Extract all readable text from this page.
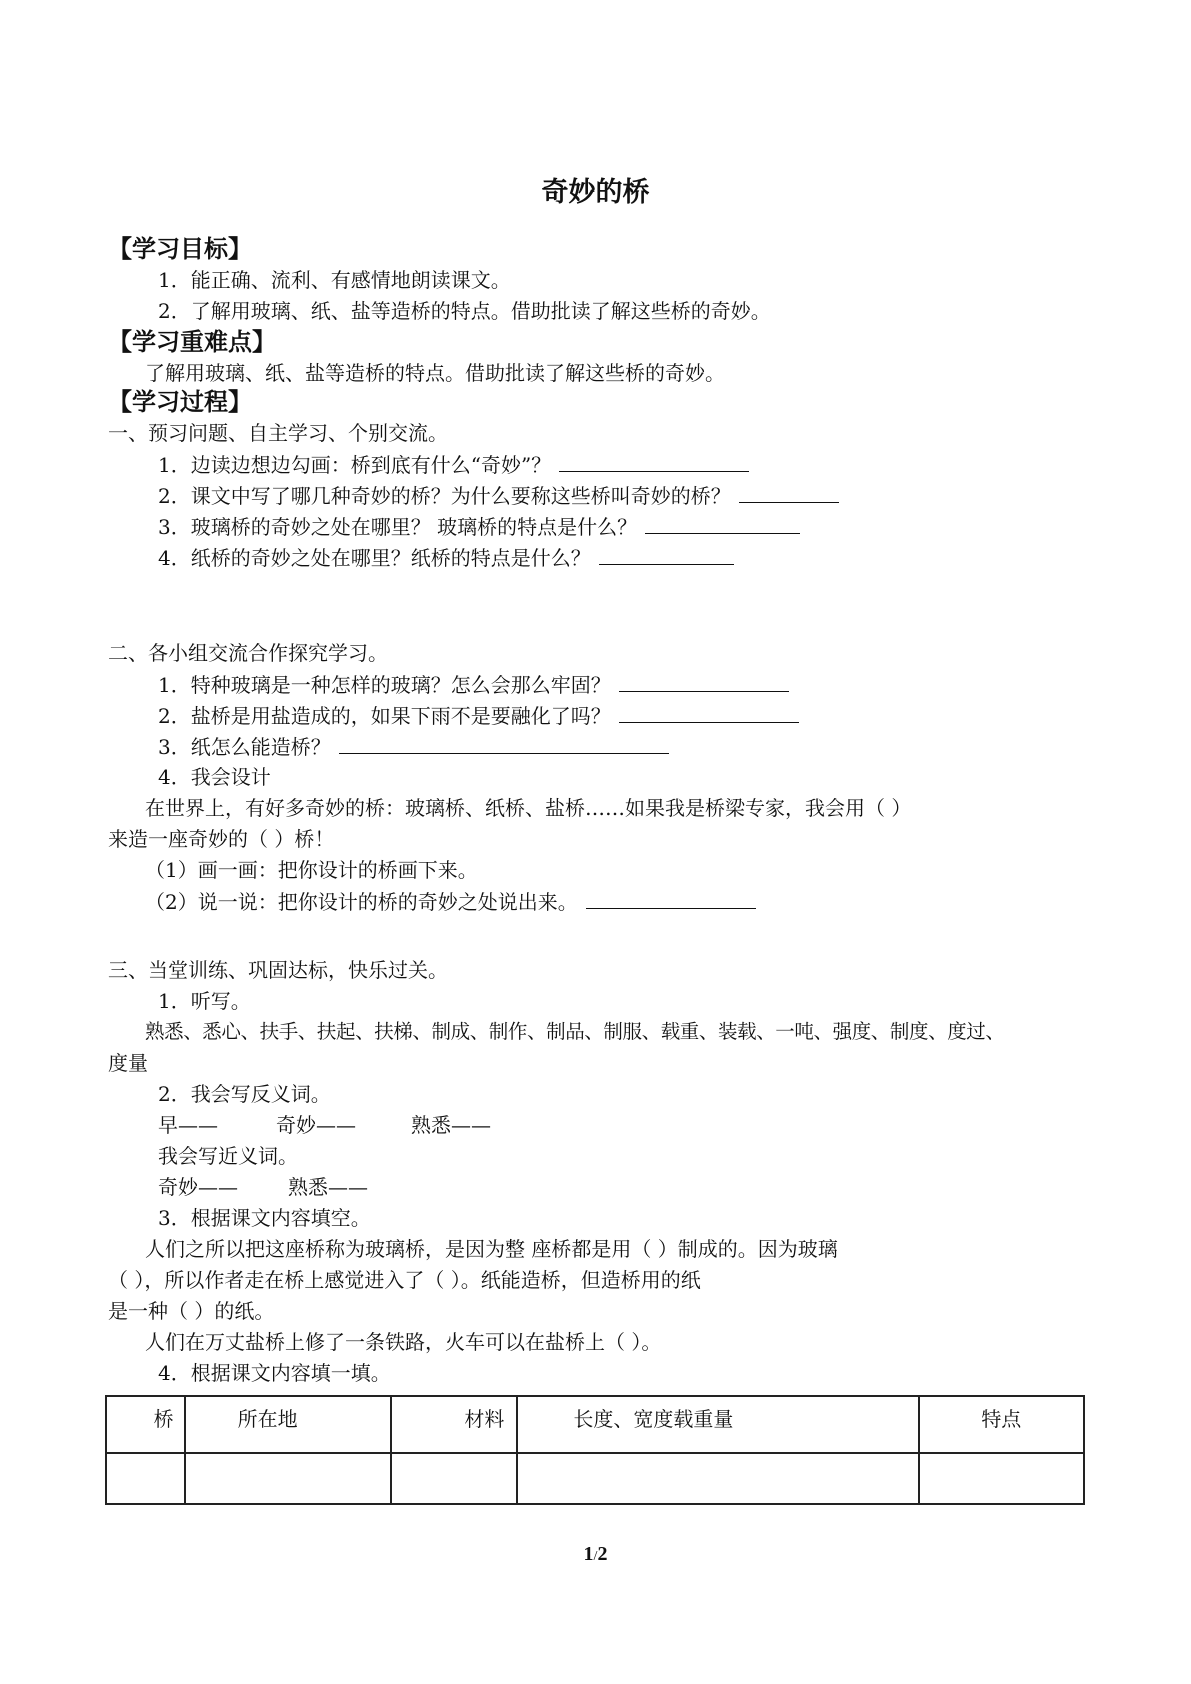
奇妙的桥
【学习目标】
1．能正确、流利、有感情地朗读课文。
2．了解用玻璃、纸、盐等造桥的特点。借助批读了解这些桥的奇妙。
【学习重难点】
了解用玻璃、纸、盐等造桥的特点。借助批读了解这些桥的奇妙。
【学习过程】
一、预习问题、自主学习、个别交流。
1．边读边想边勾画：桥到底有什么“奇妙”？
2．课文中写了哪几种奇妙的桥？为什么要称这些桥叫奇妙的桥？
3．玻璃桥的奇妙之处在哪里？ 玻璃桥的特点是什么？
4．纸桥的奇妙之处在哪里？纸桥的特点是什么？
二、各小组交流合作探究学习。
1．特种玻璃是一种怎样的玻璃？怎么会那么牢固？
2．盐桥是用盐造成的，如果下雨不是要融化了吗？
3．纸怎么能造桥？
4．我会设计
在世界上，有好多奇妙的桥：玻璃桥、纸桥、盐桥……如果我是桥梁专家，我会用（ ）
来造一座奇妙的（ ）桥！
（1）画一画：把你设计的桥画下来。
（2）说一说：把你设计的桥的奇妙之处说出来。
三、当堂训练、巩固达标，快乐过关。
1．听写。
熟悉、悉心、扶手、扶起、扶梯、制成、制作、制品、制服、载重、装载、一吨、强度、制度、度过、
度量
2．我会写反义词。
早——	奇妙——	熟悉——
我会写近义词。
奇妙——	熟悉——
3．根据课文内容填空。
人们之所以把这座桥称为玻璃桥，是因为整 座桥都是用（ ）制成的。因为玻璃
（ ），所以作者走在桥上感觉进入了（ ）。纸能造桥，但造桥用的纸
是一种（ ）的纸。
人们在万丈盐桥上修了一条铁路，火车可以在盐桥上（ ）。
4．根据课文内容填一填。
桥	所在地	材料	长度、宽度载重量	特点

1/2
